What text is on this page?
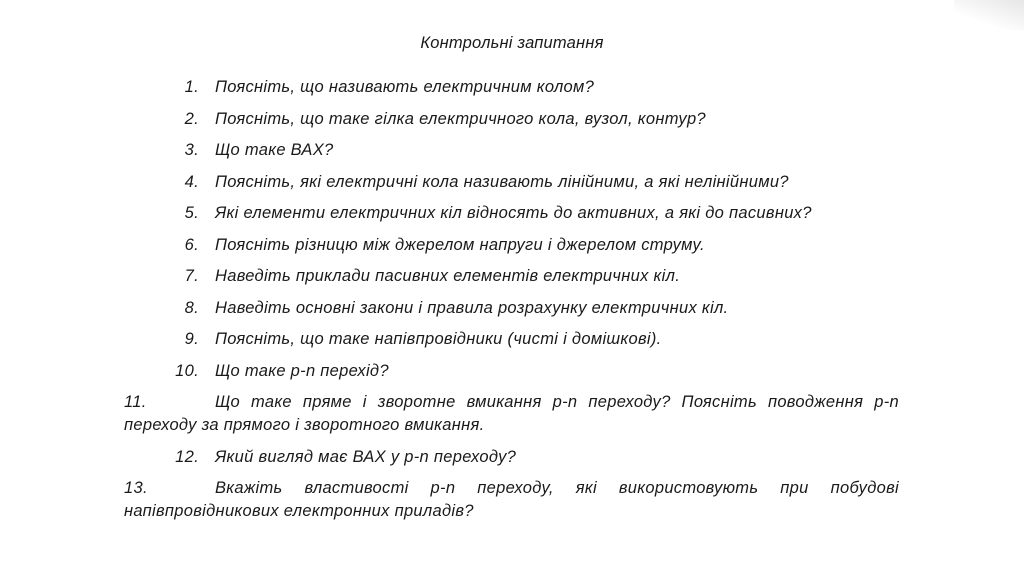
Контрольні запитання
1. Поясніть, що називають електричним колом?
2. Поясніть, що таке гілка електричного кола, вузол, контур?
3. Що таке ВАХ?
4. Поясніть, які електричні кола називають лінійними, а які нелінійними?
5. Які елементи електричних кіл відносять до активних, а які до пасивних?
6. Поясніть різницю між джерелом напруги і джерелом струму.
7. Наведіть приклади пасивних елементів електричних кіл.
8. Наведіть основні закони і правила розрахунку електричних кіл.
9. Поясніть, що таке напівпровідники (чисті і домішкові).
10. Що таке p-n перехід?
11.	Що таке пряме і зворотне вмикання p-n переходу? Поясніть поводження p-n переходу за прямого і зворотного вмикання.
12. Який вигляд має ВАХ у p-n переходу?
13.	Вкажіть властивості p-n переходу, які використовують при побудові напівпровідникових електронних приладів?
